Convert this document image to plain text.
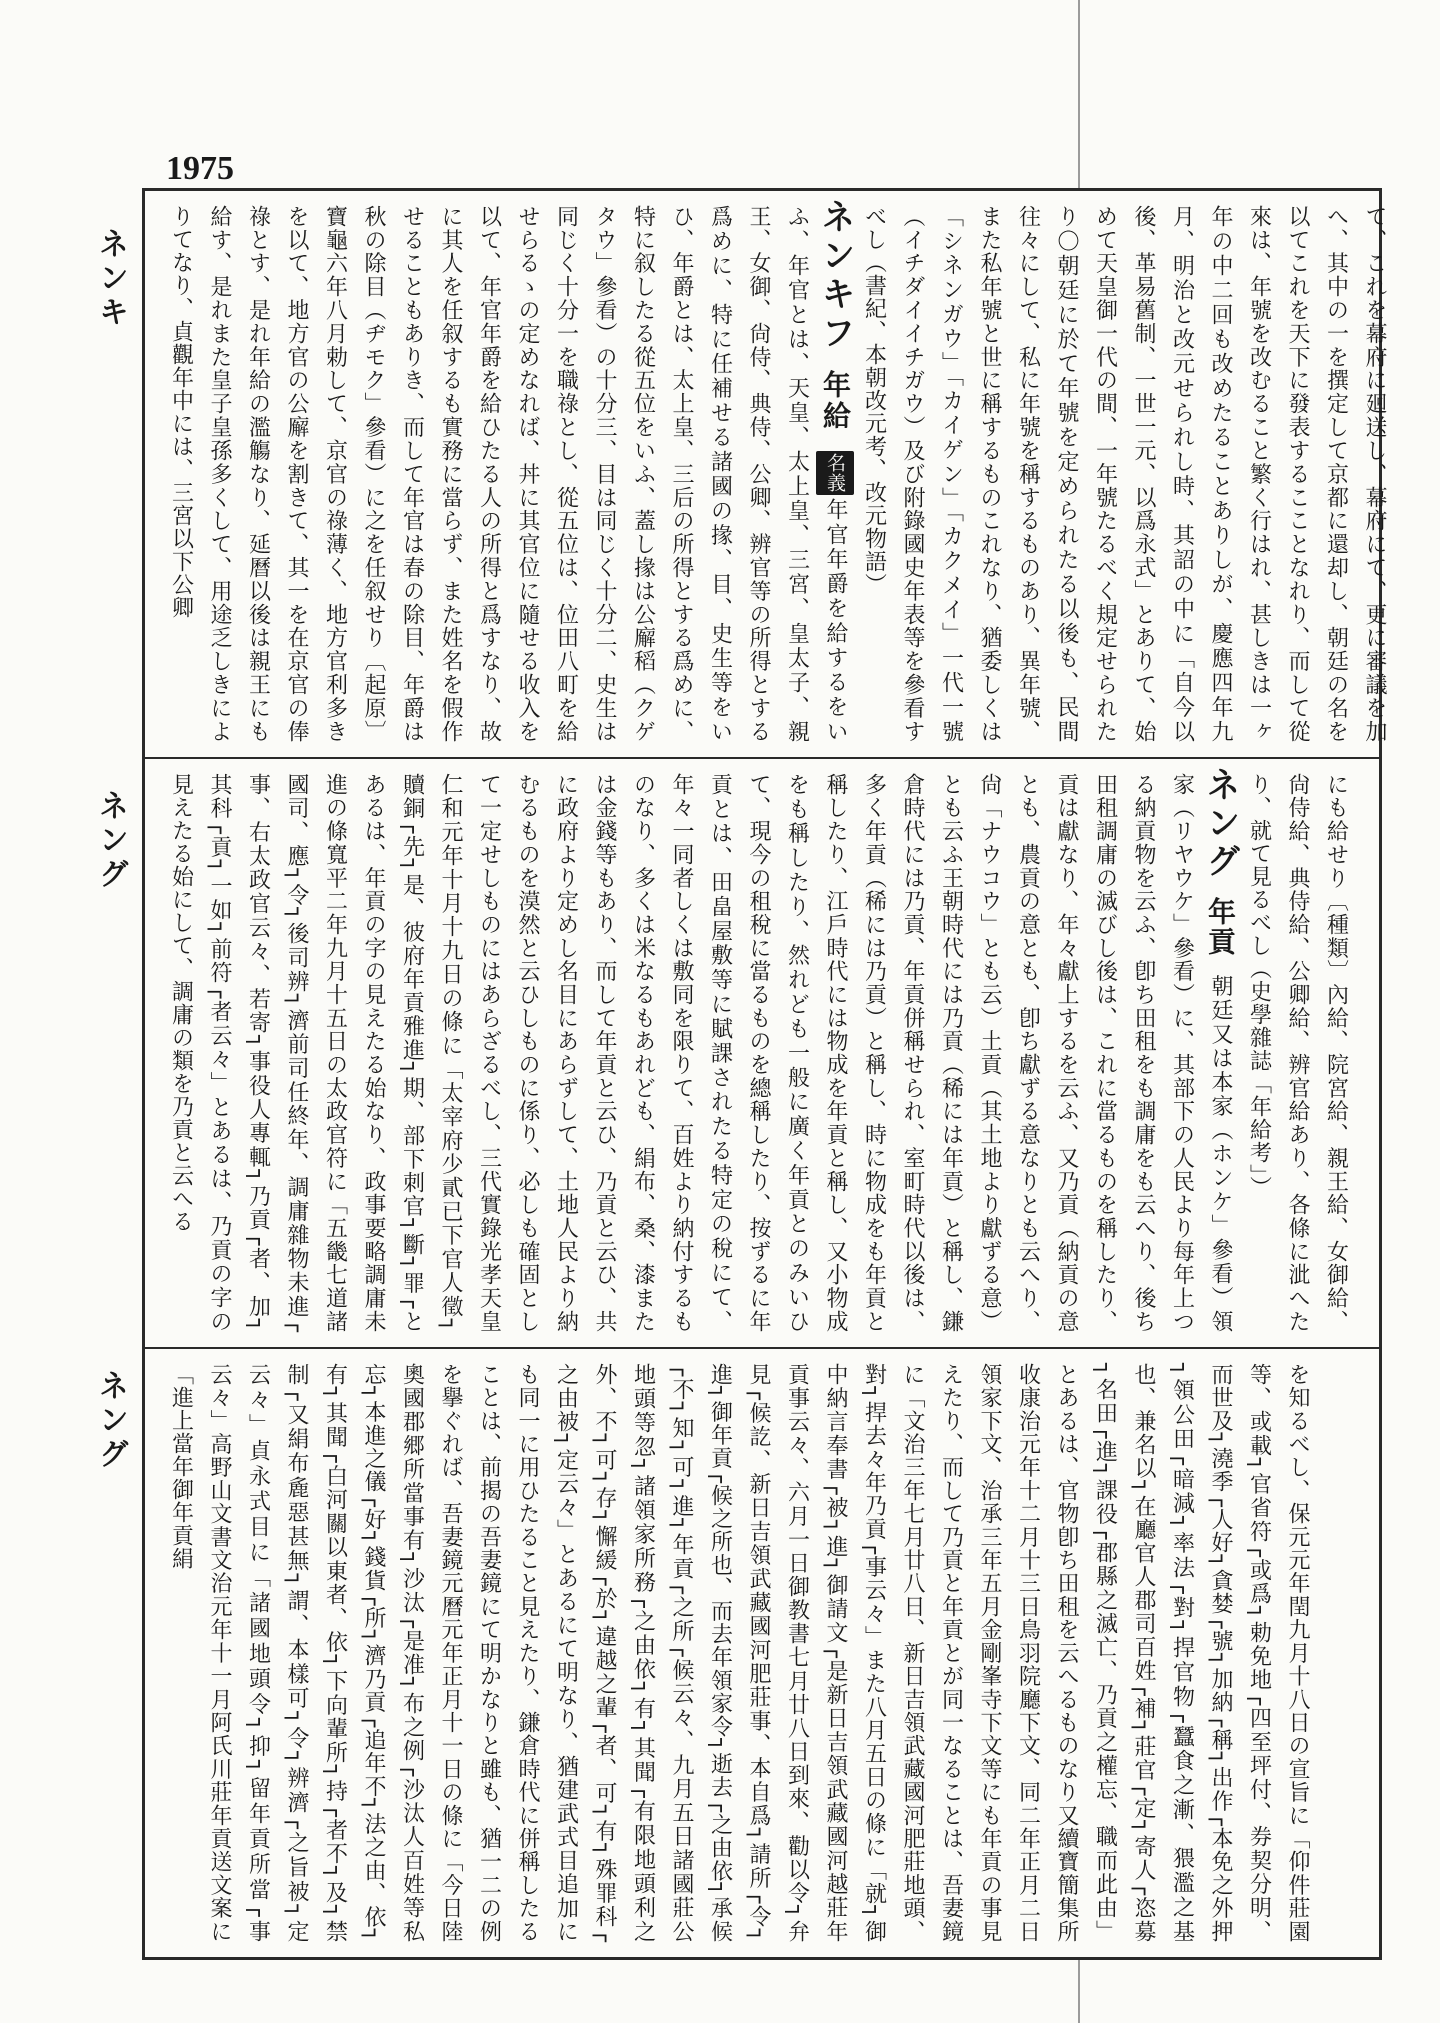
1975
ネンキ
ネング
ネング

て、これを幕府に廻送し、幕府にて、更に審議を加へ、其中の一を撰定して京都に還却し、朝廷の名を以てこれを天下に發表するこことなれり、而して從來は、年號を改むること繁く行はれ、甚しきは一ヶ年の中二回も改めたることありしが、慶應四年九月、明治と改元せられし時、其詔の中に「自今以後、革易舊制、一世一元、以爲永式」とありて、始めて天皇御一代の間、一年號たるべく規定せられたり〇朝廷に於て年號を定められたる以後も、民間往々にして、私に年號を稱するものあり、異年號、また私年號と世に稱するものこれなり、猶委しくは「シネンガウ」「カイゲン」「カクメイ」一代一號（イチダイイチガウ）及び附錄國史年表等を參看すべし（書紀、本朝改元考、改元物語）

ネンキフ年給名義年官年爵を給するをいふ、年官とは、天皇、太上皇、三宮、皇太子、親王、女御、尙侍、典侍、公卿、辨官等の所得とする爲めに、特に任補せる諸國の掾、目、史生等をいひ、年爵とは、太上皇、三后の所得とする爲めに、特に叙したる從五位をいふ、蓋し掾は公廨稻（クゲタウ」參看）の十分三、目は同じく十分二、史生は同じく十分一を職祿とし、從五位は、位田八町を給せらるゝの定めなれば、丼に其官位に隨せる收入を以て、年官年爵を給ひたる人の所得と爲すなり、故に其人を任叙するも實務に當らず、また姓名を假作せることもありき、而して年官は春の除目、年爵は秋の除目（ヂモク」參看）に之を任叙せり〔起原〕寶龜六年八月勅して、京官の祿薄く、地方官利多きを以て、地方官の公廨を割きて、其一を在京官の俸祿とす、是れ年給の濫觴なり、延曆以後は親王にも給す、是れまた皇子皇孫多くして、用途乏しきによりてなり、貞觀年中には、三宮以下公卿

にも給せり〔種類〕內給、院宮給、親王給、女御給、尙侍給、典侍給、公卿給、辨官給あり、各條に泚へたり、就て見るべし（史學雜誌「年給考」）

ネング年貢朝廷又は本家（ホンケ」參看）領家（リヤウケ」參看）に、其部下の人民より每年上つる納貢物を云ふ、卽ち田租をも調庸をも云へり、後ち田租調庸の滅びし後は、これに當るものを稱したり、貢は獻なり、年々獻上するを云ふ、又乃貢（納貢の意とも、農貢の意とも、卽ち獻ずる意なりとも云へり、尙「ナウコウ」とも云）土貢（其土地より獻ずる意）とも云ふ王朝時代には乃貢（稀には年貢）と稱し、鎌倉時代には乃貢、年貢併稱せられ、室町時代以後は、多く年貢（稀には乃貢）と稱し、時に物成をも年貢と稱したり、江戶時代には物成を年貢と稱し、又小物成をも稱したり、然れども一般に廣く年貢とのみいひて、現今の租稅に當るものを總稱したり、按ずるに年貢とは、田畠屋敷等に賦課されたる特定の稅にて、年々一同者しくは敷同を限りて、百姓より納付するものなり、多くは米なるもあれども、絹布、桑、漆または金錢等もあり、而して年貢と云ひ、乃貢と云ひ、共に政府より定めし名目にあらずして、土地人民より納むるものを漠然と云ひしものに係り、必しも確固として一定せしものにはあらざるべし、三代實錄光孝天皇仁和元年十月十九日の條に「太宰府少貳已下官人徵┐贖銅┌先┐是、彼府年貢雅進┐期、部下刺官┐斷┐罪┌とあるは、年貢の字の見えたる始なり、政事要略調庸未進の條寬平二年九月十五日の太政官符に「五畿七道諸國司、應┐令┐後司辨┐濟前司任終年、調庸雜物未進┌事、右太政官云々、若寄┐事役人專輒┐乃貢┌者、加┐其科┌貢┐一如┐前符┌者云々」とあるは、乃貢の字の見えたる始にして、調庸の類を乃貢と云へる

を知るべし、保元元年閏九月十八日の宣旨に「仰件莊園等、或載┐官省符┌或爲┐勅免地┌四至坪付、券契分明、而世及┐澆季┌人好┐貪婪┌號┐加納┌稱┐出作┌本免之外押┐領公田┌暗減┐率法┌對┐捍官物┌蠶食之漸、猥濫之基也、兼名以┐在廳官人郡司百姓┌補┐莊官┌定┐寄人┌恣募┐名田┌進┐課役┌郡縣之滅亡、乃貢之權忘、職而此由」とあるは、官物卽ち田租を云へるものなり又續寶簡集所收康治元年十二月十三日鳥羽院廳下文、同二年正月二日領家下文、治承三年五月金剛峯寺下文等にも年貢の事見えたり、而して乃貢と年貢とが同一なることは、吾妻鏡に「文治三年七月廿八日、新日吉領武藏國河肥莊地頭、對┐捍去々年乃貢┌事云々」また八月五日の條に「就┐御中納言奉書┌被┐進┐御請文┌是新日吉領武藏國河越莊年貢事云々、六月一日御教書七月廿八日到來、勸以令┐弁見┌候訖、新日吉領武藏國河肥莊事、本自爲┐請所┌令┐進┐御年貢┌候之所也、而去年領家令┐逝去┌之由依┐承候┌不┐知┐可┐進┐年貢┌之所┌候云々、九月五日諸國莊公地頭等忽┐諸領家所務┌之由依┐有┐其聞┌有限地頭利之外、不┐可┐存┐懈緩┌於┐違越之輩┌者、可┐有┐殊罪科┌之由被┐定云々」とあるにて明なり、猶建武式目追加にも同一に用ひたること見えたり、鎌倉時代に併稱したることは、前揭の吾妻鏡にて明かなりと雖も、猶一二の例を擧ぐれば、吾妻鏡元曆元年正月十一日の條に「今日陸奧國郡郷所當事有┐沙汰┌是准┐布之例┌沙汰人百姓等私忘┐本進之儀┌好┐錢貨┌所┐濟乃貢┌追年不┐法之由、依┐有┐其聞┌白河關以東者、依┐下向輩所┐持┌者不┐及┐禁制┌又絹布麁惡甚無┐謂、本樣可┐令┐辨濟┌之旨被┐定云々」貞永式目に「諸國地頭令┐抑┐留年貢所當┌事云々」高野山文書文治元年十一月阿氏川莊年貢送文案に「進上當年御年貢絹
